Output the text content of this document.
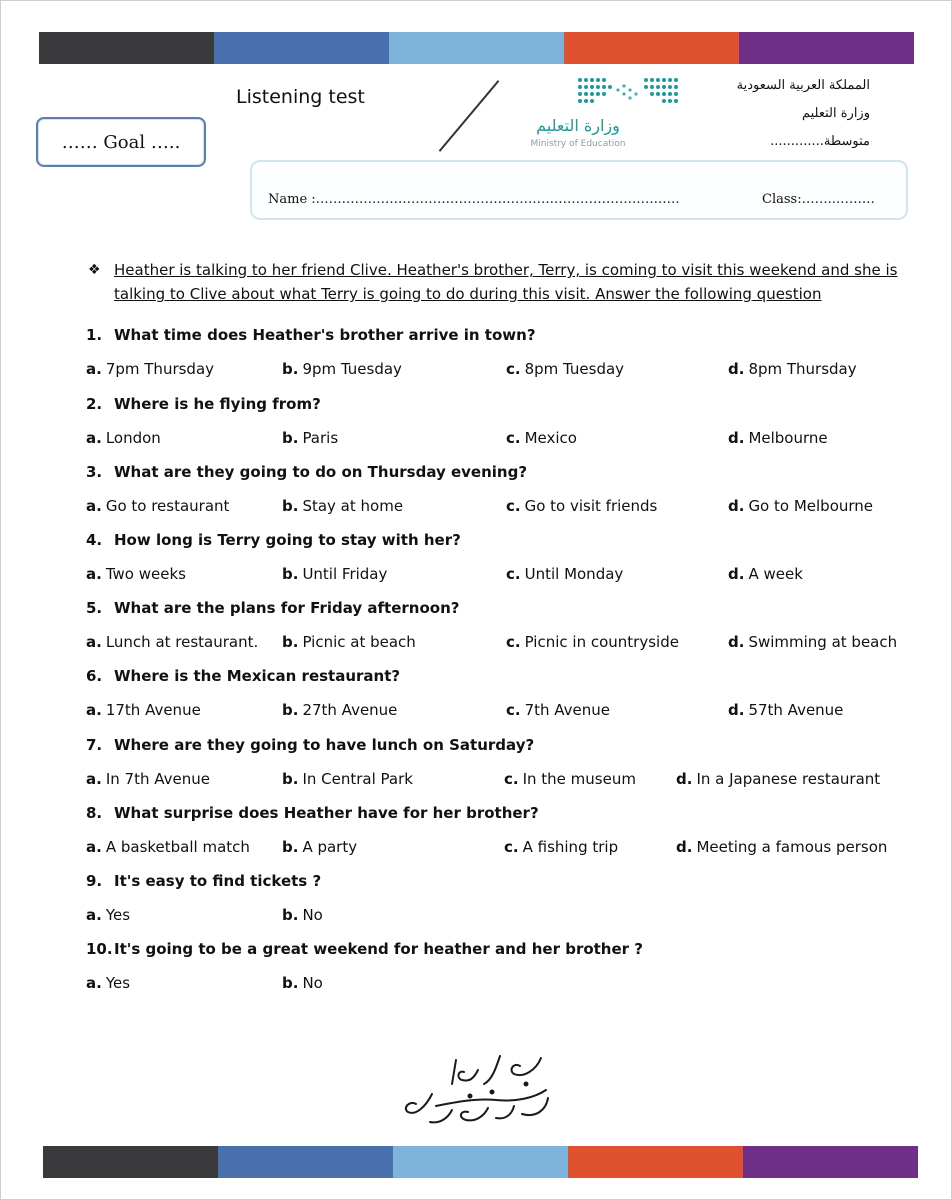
Listening test
…… Goal …..
وزارة التعليم
Ministry of Education
المملكة العربية السعودية
وزارة التعليم
متوسطة.............
Name :…………………………………………………………………………	Class:……..………
❖ Heather is talking to her friend Clive. Heather's brother, Terry, is coming to visit this weekend and she is talking to Clive about what Terry is going to do during this visit. Answer the following question
1. What time does Heather's brother arrive in town?
a. 7pm Thursday	b. 9pm Tuesday	c. 8pm Tuesday	d. 8pm Thursday
2. Where is he flying from?
a. London	b. Paris	c. Mexico	d. Melbourne
3. What are they going to do on Thursday evening?
a. Go to restaurant	b. Stay at home	c. Go to visit friends	d. Go to Melbourne
4. How long is Terry going to stay with her?
a. Two weeks	b. Until Friday	c. Until Monday	d. A week
5. What are the plans for Friday afternoon?
a. Lunch at restaurant. b. Picnic at beach	c. Picnic in countryside	d. Swimming at beach
6. Where is the Mexican restaurant?
a. 17th Avenue	b. 27th Avenue	c. 7th Avenue	d. 57th Avenue
7. Where are they going to have lunch on Saturday?
a. In 7th Avenue	b. In Central Park	c. In the museum	d. In a Japanese restaurant
8. What surprise does Heather have for her brother?
a. A basketball match b. A party	c. A fishing trip	d. Meeting a famous person
9. It's easy to find tickets ?
a. Yes	b. No
10.It's going to be a great weekend for heather and her brother ?
a. Yes	b. No
